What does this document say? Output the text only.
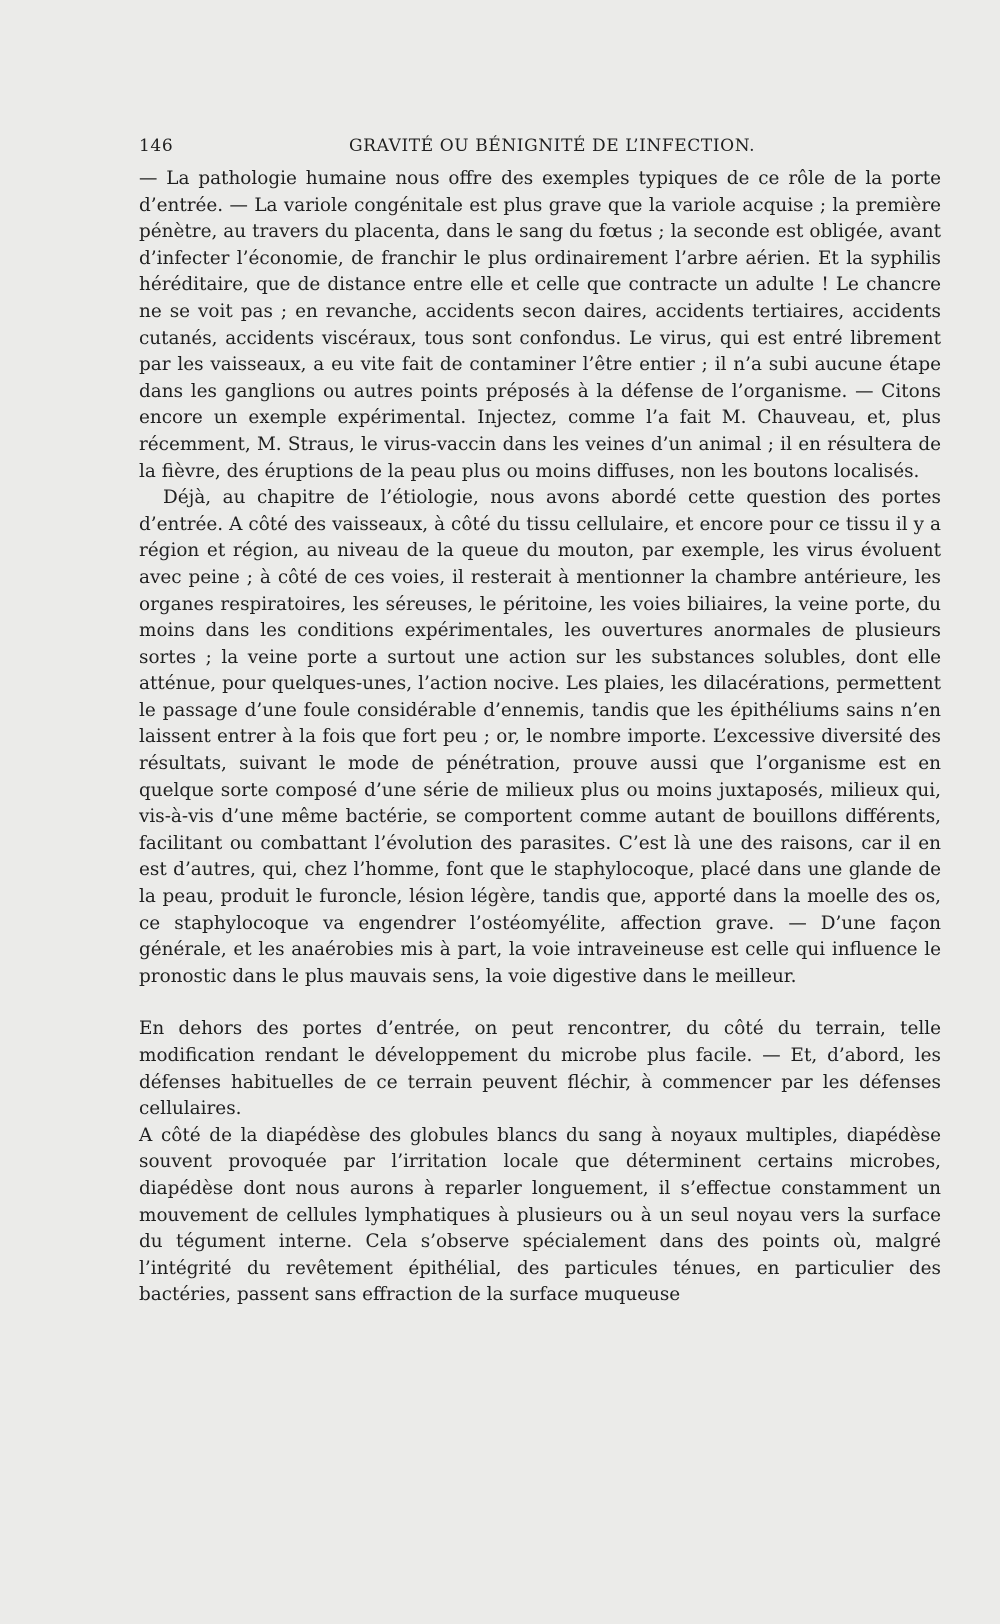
146	GRAVITÉ OU BÉNIGNITÉ DE L’INFECTION.

— La pathologie humaine nous offre des exemples typiques de ce rôle de la porte d’entrée. — La variole congénitale est plus grave que la variole acquise ; la première pénètre, au travers du placenta, dans le sang du fœtus ; la seconde est obligée, avant d’infecter l’économie, de franchir le plus ordinairement l’arbre aérien. Et la syphilis héréditaire, que de distance entre elle et celle que contracte un adulte ! Le chancre ne se voit pas ; en revanche, accidents secon daires, accidents tertiaires, accidents cutanés, accidents viscéraux, tous sont confondus. Le virus, qui est entré librement par les vaisseaux, a eu vite fait de contaminer l’être entier ; il n’a subi aucune étape dans les ganglions ou autres points préposés à la défense de l’organisme. — Citons encore un exemple expérimental. Injectez, comme l’a fait M. Chauveau, et, plus récemment, M. Straus, le virus-vaccin dans les veines d’un animal ; il en résultera de la fièvre, des éruptions de la peau plus ou moins diffuses, non les boutons localisés.

Déjà, au chapitre de l’étiologie, nous avons abordé cette question des portes d’entrée. A côté des vaisseaux, à côté du tissu cellulaire, et encore pour ce tissu il y a région et région, au niveau de la queue du mouton, par exemple, les virus évoluent avec peine ; à côté de ces voies, il resterait à mentionner la chambre antérieure, les organes respiratoires, les séreuses, le péritoine, les voies biliaires, la veine porte, du moins dans les conditions expérimentales, les ouvertures anormales de plusieurs sortes ; la veine porte a surtout une action sur les substances solubles, dont elle atténue, pour quelques-unes, l’action nocive. Les plaies, les dilacérations, permettent le passage d’une foule considérable d’ennemis, tandis que les épithéliums sains n’en laissent entrer à la fois que fort peu ; or, le nombre importe. L’excessive diversité des résultats, suivant le mode de pénétration, prouve aussi que l’organisme est en quelque sorte composé d’une série de milieux plus ou moins juxtaposés, milieux qui, vis-à-vis d’une même bactérie, se comportent comme autant de bouillons différents, facilitant ou combattant l’évolution des parasites. C’est là une des raisons, car il en est d’autres, qui, chez l’homme, font que le staphylocoque, placé dans une glande de la peau, produit le furoncle, lésion légère, tandis que, apporté dans la moelle des os, ce staphylocoque va engendrer l’ostéomyélite, affection grave. — D’une façon générale, et les anaérobies mis à part, la voie intraveineuse est celle qui influence le pronostic dans le plus mauvais sens, la voie digestive dans le meilleur.

En dehors des portes d’entrée, on peut rencontrer, du côté du terrain, telle modification rendant le développement du microbe plus facile. — Et, d’abord, les défenses habituelles de ce terrain peuvent fléchir, à commencer par les défenses cellulaires.

A côté de la diapédèse des globules blancs du sang à noyaux multiples, diapédèse souvent provoquée par l’irritation locale que déterminent certains microbes, diapédèse dont nous aurons à reparler longuement, il s’effectue constamment un mouvement de cellules lymphatiques à plusieurs ou à un seul noyau vers la surface du tégument interne. Cela s’observe spécialement dans des points où, malgré l’intégrité du revêtement épithélial, des particules ténues, en particulier des bactéries, passent sans effraction de la surface muqueuse
